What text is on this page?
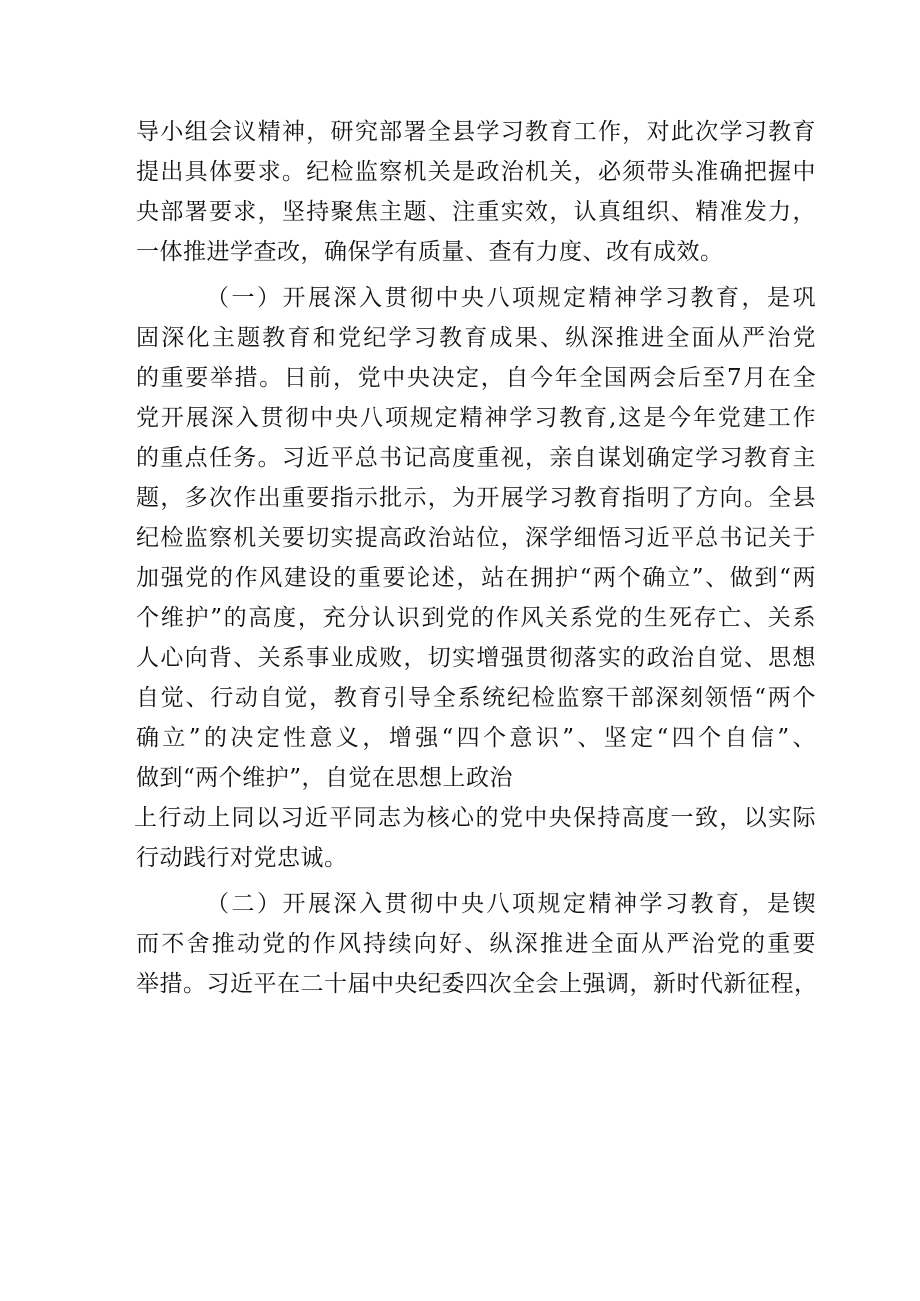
导小组会议精神，研究部署全县学习教育工作，对此次学习教育
提出具体要求。纪检监察机关是政治机关，必须带头准确把握中
央部署要求，坚持聚焦主题、注重实效，认真组织、精准发力，
一体推进学查改，确保学有质量、查有力度、改有成效。
（一）开展深入贯彻中央八项规定精神学习教育，是巩
固深化主题教育和党纪学习教育成果、纵深推进全面从严治党
的重要举措。日前，党中央决定，自今年全国两会后至7月在全
党开展深入贯彻中央八项规定精神学习教育,这是今年党建工作
的重点任务。习近平总书记高度重视，亲自谋划确定学习教育主
题，多次作出重要指示批示，为开展学习教育指明了方向。全县
纪检监察机关要切实提高政治站位，深学细悟习近平总书记关于
加强党的作风建设的重要论述，站在拥护“两个确立”、做到“两
个维护”的高度，充分认识到党的作风关系党的生死存亡、关系
人心向背、关系事业成败，切实增强贯彻落实的政治自觉、思想
自觉、行动自觉，教育引导全系统纪检监察干部深刻领悟“两个
确立”的决定性意义，增强“四个意识”、坚定“四个自信”、
做到“两个维护”，自觉在思想上政治
上行动上同以习近平同志为核心的党中央保持高度一致，以实际
行动践行对党忠诚。
（二）开展深入贯彻中央八项规定精神学习教育，是锲
而不舍推动党的作风持续向好、纵深推进全面从严治党的重要
举措。习近平在二十届中央纪委四次全会上强调，新时代新征程，
